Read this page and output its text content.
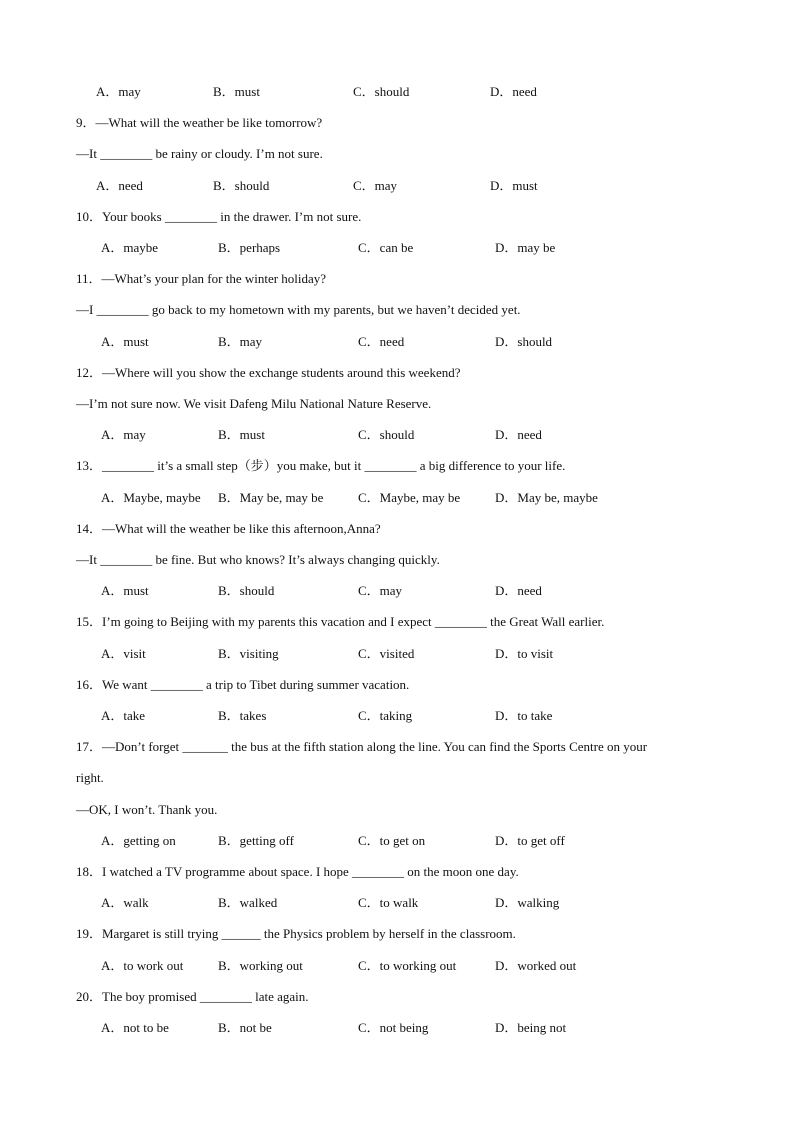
A．may	B．must	C．should	D．need
9．—What will the weather be like tomorrow?
—It ________ be rainy or cloudy. I’m not sure.
A．need	B．should	C．may	D．must
10．Your books ________ in the drawer. I’m not sure.
A．maybe	B．perhaps	C．can be	D．may be
11．—What’s your plan for the winter holiday?
—I ________ go back to my hometown with my parents, but we haven’t decided yet.
A．must	B．may	C．need	D．should
12．—Where will you show the exchange students around this weekend?
—I’m not sure now. We visit Dafeng Milu National Nature Reserve.
A．may	B．must	C．should	D．need
13．________ it’s a small step（步）you make, but it ________ a big difference to your life.
A．Maybe, maybe B．May be, may be	C．Maybe, may be	D．May be, maybe
14．—What will the weather be like this afternoon,Anna?
—It ________ be fine. But who knows? It’s always changing quickly.
A．must	B．should	C．may	D．need
15．I’m going to Beijing with my parents this vacation and I expect ________ the Great Wall earlier.
A．visit	B．visiting	C．visited	D．to visit
16．We want ________ a trip to Tibet during summer vacation.
A．take	B．takes	C．taking	D．to take
17．—Don’t forget _______ the bus at the fifth station along the line. You can find the Sports Centre on your
right.
—OK, I won’t. Thank you.
A．getting on	B．getting off	C．to get on	D．to get off
18．I watched a TV programme about space. I hope ________ on the moon one day.
A．walk	B．walked	C．to walk	D．walking
19．Margaret is still trying ______ the Physics problem by herself in the classroom.
A．to work out	B．working out	C．to working out	D．worked out
20．The boy promised ________ late again.
A．not to be	B．not be	C．not being	D．being not
